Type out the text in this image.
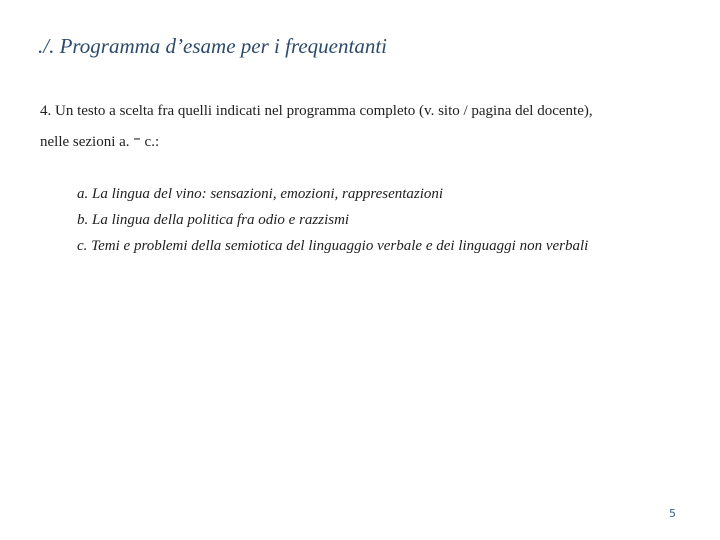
./. Programma d’esame per i frequentanti
4. Un testo a scelta fra quelli indicati nel programma completo (v. sito / pagina del docente),
nelle sezioni a. – c.:
a. La lingua del vino: sensazioni, emozioni, rappresentazioni
b. La lingua della politica fra odio e razzismi
c. Temi e problemi della semiotica del linguaggio verbale e dei linguaggi non verbali
5
